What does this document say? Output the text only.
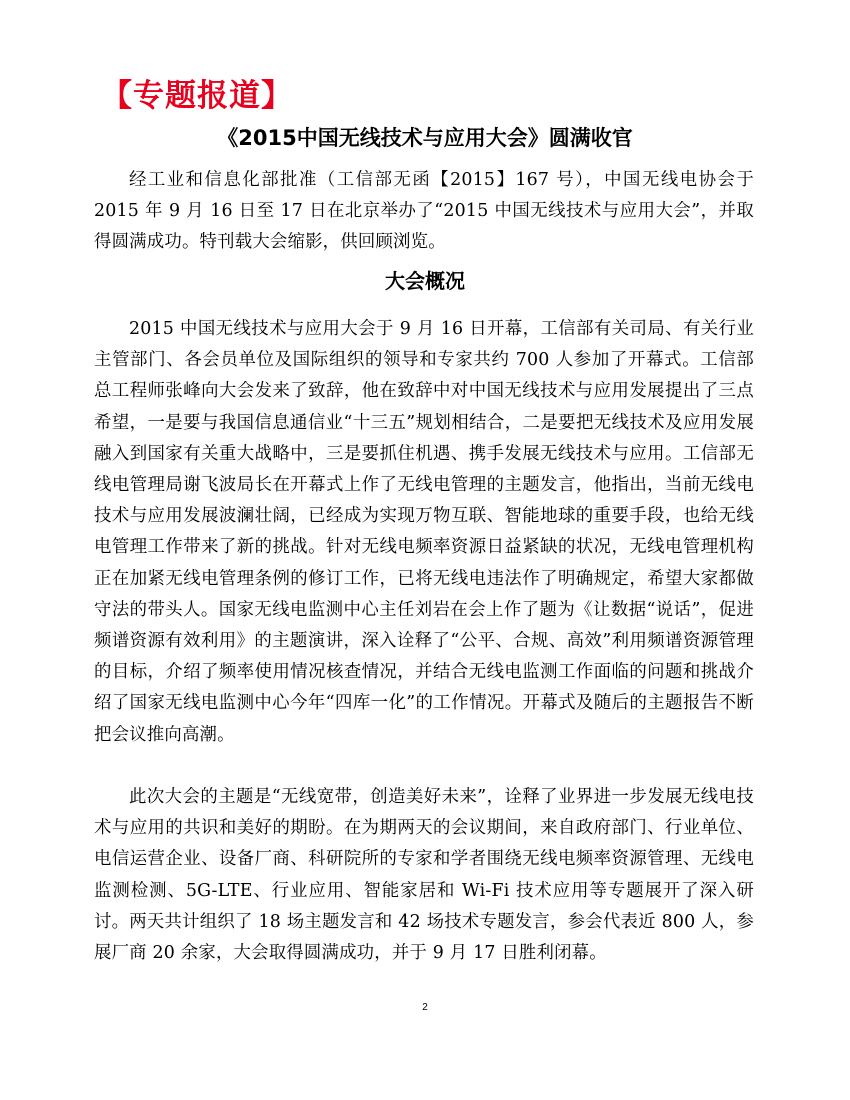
【专题报道】
《2015中国无线技术与应用大会》圆满收官

经工业和信息化部批准（工信部无函【2015】167 号），中国无线电协会于 2015 年 9 月 16 日至 17 日在北京举办了“2015 中国无线技术与应用大会”，并取得圆满成功。特刊载大会缩影，供回顾浏览。

大会概况

2015 中国无线技术与应用大会于 9 月 16 日开幕，工信部有关司局、有关行业主管部门、各会员单位及国际组织的领导和专家共约 700 人参加了开幕式。工信部总工程师张峰向大会发来了致辞，他在致辞中对中国无线技术与应用发展提出了三点希望，一是要与我国信息通信业“十三五”规划相结合，二是要把无线技术及应用发展融入到国家有关重大战略中，三是要抓住机遇、携手发展无线技术与应用。工信部无线电管理局谢飞波局长在开幕式上作了无线电管理的主题发言，他指出，当前无线电技术与应用发展波澜壮阔，已经成为实现万物互联、智能地球的重要手段，也给无线电管理工作带来了新的挑战。针对无线电频率资源日益紧缺的状况，无线电管理机构正在加紧无线电管理条例的修订工作，已将无线电违法作了明确规定，希望大家都做守法的带头人。国家无线电监测中心主任刘岩在会上作了题为《让数据“说话”，促进频谱资源有效利用》的主题演讲，深入诠释了“公平、合规、高效”利用频谱资源管理的目标，介绍了频率使用情况核查情况，并结合无线电监测工作面临的问题和挑战介绍了国家无线电监测中心今年“四库一化”的工作情况。开幕式及随后的主题报告不断把会议推向高潮。

此次大会的主题是“无线宽带，创造美好未来”，诠释了业界进一步发展无线电技术与应用的共识和美好的期盼。在为期两天的会议期间，来自政府部门、行业单位、电信运营企业、设备厂商、科研院所的专家和学者围绕无线电频率资源管理、无线电监测检测、5G-LTE、行业应用、智能家居和 Wi-Fi 技术应用等专题展开了深入研讨。两天共计组织了 18 场主题发言和 42 场技术专题发言，参会代表近 800 人，参展厂商 20 余家，大会取得圆满成功，并于 9 月 17 日胜利闭幕。

2
